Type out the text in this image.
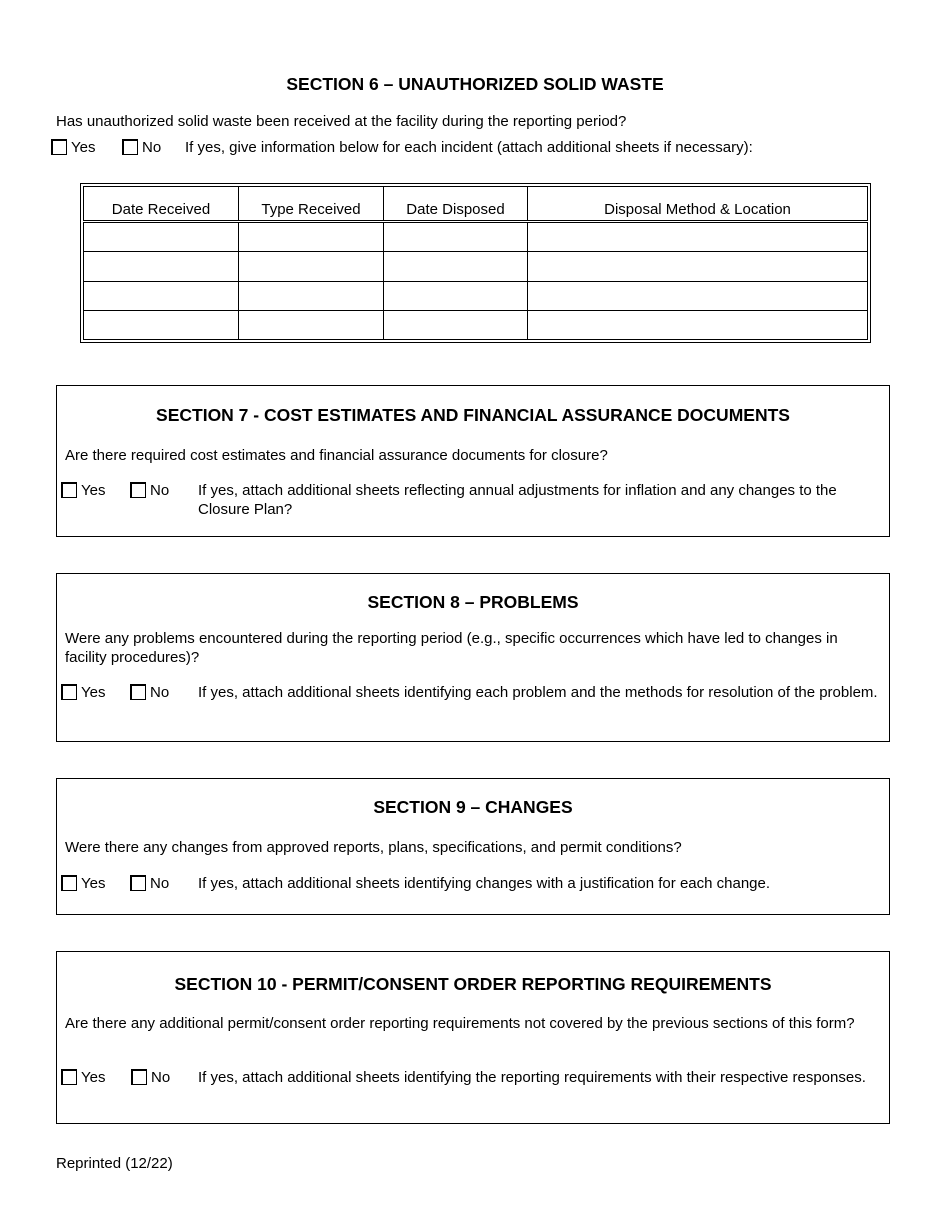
SECTION 6 – UNAUTHORIZED SOLID WASTE
Has unauthorized solid waste been received at the facility during the reporting period?
Yes	No If yes, give information below for each incident (attach additional sheets if necessary):
Date Received	Type Received	Date Disposed	Disposal Method & Location

SECTION 7 - COST ESTIMATES AND FINANCIAL ASSURANCE DOCUMENTS
Are there required cost estimates and financial assurance documents for closure?
Yes	No If yes, attach additional sheets reflecting annual adjustments for inflation and any changes to the Closure Plan?
SECTION 8 – PROBLEMS
Were any problems encountered during the reporting period (e.g., specific occurrences which have led to changes in facility procedures)?
Yes	No If yes, attach additional sheets identifying each problem and the methods for resolution of the problem.
SECTION 9 – CHANGES
Were there any changes from approved reports, plans, specifications, and permit conditions?
Yes	No If yes, attach additional sheets identifying changes with a justification for each change.
SECTION 10 - PERMIT/CONSENT ORDER REPORTING REQUIREMENTS
Are there any additional permit/consent order reporting requirements not covered by the previous sections of this form?
Yes	No If yes, attach additional sheets identifying the reporting requirements with their respective responses.
Reprinted (12/22)
